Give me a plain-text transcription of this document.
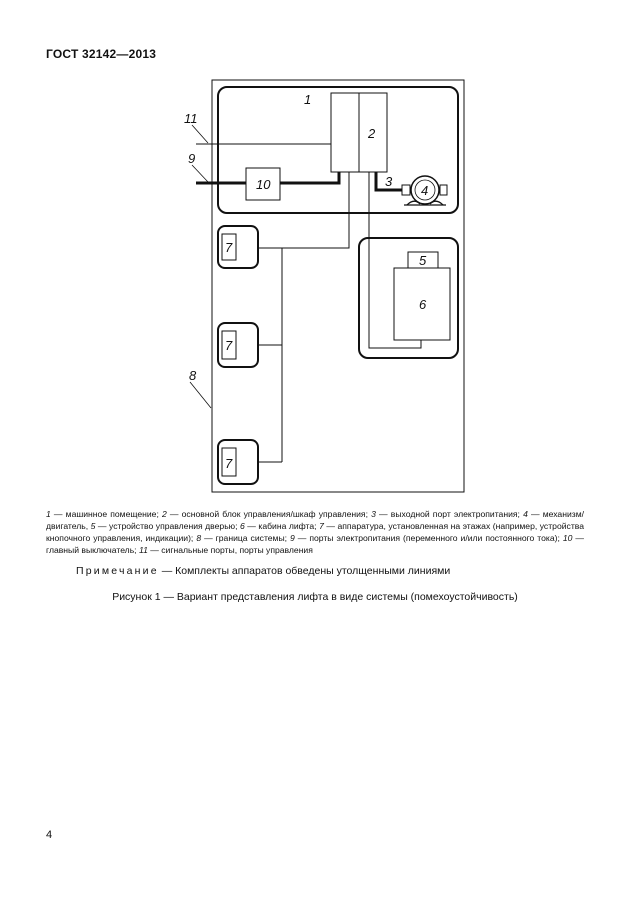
ГОСТ 32142—2013
1
2
3
4
5
6
7
7
7
8
9
10
11
1 — машинное помещение; 2 — основной блок управления/шкаф управления; 3 — выходной порт электропитания; 4 — механизм/двигатель, 5 — устройство управления дверью; 6 — кабина лифта; 7 — аппаратура, установленная на этажах (например, устройства кнопочного управления, индикации); 8 — граница системы; 9 — порты электропитания (переменного и/или постоянного тока); 10 — главный выключатель; 11 — сигнальные порты, порты управления
Примечание — Комплекты аппаратов обведены утолщенными линиями
Рисунок 1 — Вариант представления лифта в виде системы (помехоустойчивость)
4
